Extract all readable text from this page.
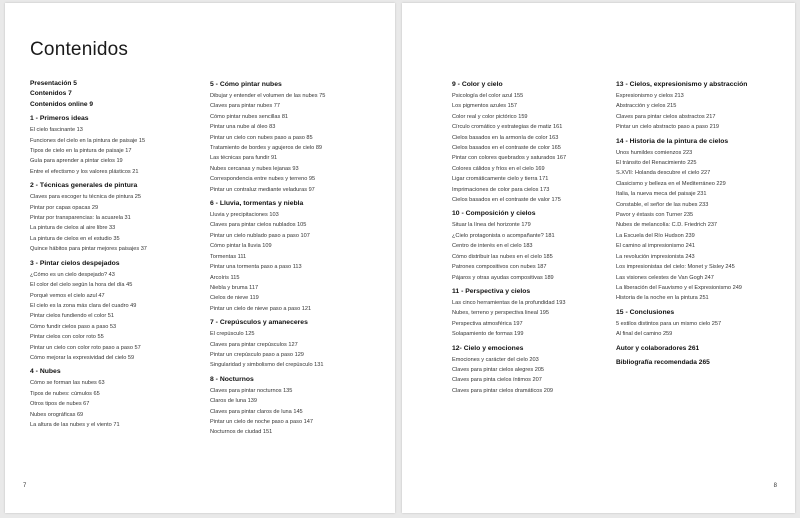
Contenidos
Presentación 5
Contenidos 7
Contenidos online 9
1 - Primeros ideas
El cielo fascinante 13
Funciones del cielo en la pintura de paisaje 15
Tipos de cielo en la pintura de paisaje 17
Guía para aprender a pintar cielos 19
Entre el efectismo y los valores plásticos 21
2 - Técnicas generales de pintura
Claves para escoger tu técnica de pintura 25
Pintar por capas opacas 29
Pintar por transparencias: la acuarela 31
La pintura de cielos al aire libre 33
La pintura de cielos en el estudio 35
Quince hábitos para pintar mejores paisajes 37
3 - Pintar cielos despejados
¿Cómo es un cielo despejado? 43
El color del cielo según la hora del día 45
Porqué vemos el cielo azul 47
El cielo es la zona más clara del cuadro 49
Pintar cielos fundiendo el color 51
Cómo fundir cielos paso a paso 53
Pintar cielos con color roto 55
Pintar un cielo con color roto paso a paso 57
Cómo mejorar la expresividad del cielo 59
4 - Nubes
Cómo se forman las nubes 63
Tipos de nubes: cúmulos 65
Otros tipos de nubes 67
Nubes orográficas 69
La altura de las nubes y el viento 71
5 - Cómo pintar nubes
Dibujar y entender el volumen de las nubes 75
Claves para pintar nubes 77
Cómo pintar nubes sencillas 81
Pintar una nube al óleo 83
Pintar un cielo con nubes paso a paso 85
Tratamiento de bordes y agujeros de cielo 89
Las técnicas para fundir 91
Nubes cercanas y nubes lejanas 93
Correspondencia entre nubes y terreno 95
Pintar un contraluz mediante veladuras 97
6 - Lluvia, tormentas y niebla
Lluvia y precipitaciones 103
Claves para pintar cielos nublados 105
Pintar un cielo nublado paso a paso 107
Cómo pintar la lluvia 109
Tormentas 111
Pintar una tormenta paso a paso 113
Arcoíris 115
Niebla y bruma 117
Cielos de nieve 119
Pintar un cielo de nieve paso a paso 121
7 - Crepúsculos y amaneceres
El crepúsculo 125
Claves para pintar crepúsculos 127
Pintar un crepúsculo paso a paso 129
Singularidad y simbolismo del crepúsculo 131
8 - Nocturnos
Claves para pintar nocturnos 135
Claros de luna 139
Claves para pintar claros de luna 145
Pintar un cielo de noche paso a paso 147
Nocturnos de ciudad 151
7
9 - Color y cielo
Psicología del color azul 155
Los pigmentos azules 157
Color real y color pictórico 159
Círculo cromático y estrategias de matiz 161
Cielos basados en la armonía de color 163
Cielos basados en el contraste de color 165
Pintar con colores quebrados y saturados 167
Colores cálidos y fríos en el cielo 169
Ligar cromáticamente cielo y tierra 171
Imprimaciones de color para cielos 173
Cielos basados en el contraste de valor 175
10 - Composición y cielos
Situar la línea del horizonte 179
¿Cielo protagonista o acompañante? 181
Centro de interés en el cielo 183
Cómo distribuir las nubes en el cielo 185
Patrones compositivos con nubes 187
Pájaros y otras ayudas compositivas 189
11 - Perspectiva y cielos
Las cinco herramientas de la profundidad 193
Nubes, terreno y perspectiva lineal 195
Perspectiva atmosférica 197
Solapamiento de formas 199
12- Cielo y emociones
Emociones y carácter del cielo 203
Claves para pintar cielos alegres 205
Claves para pinta cielos íntimos 207
Claves para pintar cielos dramáticos 209
13 - Cielos, expresionismo y abstracción
Expresionismo y cielos 213
Abstracción y cielos 215
Claves para pintar cielos abstractos 217
Pintar un cielo abstracto paso a paso 219
14 - Historia de la pintura de cielos
Unos humildes comienzos 223
El tránsito del Renacimiento 225
S.XVII: Holanda descubre el cielo 227
Clasicismo y belleza en el Mediterráneo 229
Italia, la nueva meca del paisaje 231
Constable, el señor de las nubes 233
Pavor y éxtasis con Turner 235
Nubes de melancolía: C.D. Friedrich 237
La Escuela del Río Hudson 239
El camino al impresionismo 241
La revolución impresionista 243
Los impresionistas del cielo: Monet y Sisley 245
Las visiones celestes de Van Gogh 247
La liberación del Fauvismo y el Expresionismo 249
Historia de la noche en la pintura 251
15 - Conclusiones
5 estilos distintos para un mismo cielo 257
Al final del camino 259
Autor y colaboradores 261
Bibliografía recomendada 265
8
